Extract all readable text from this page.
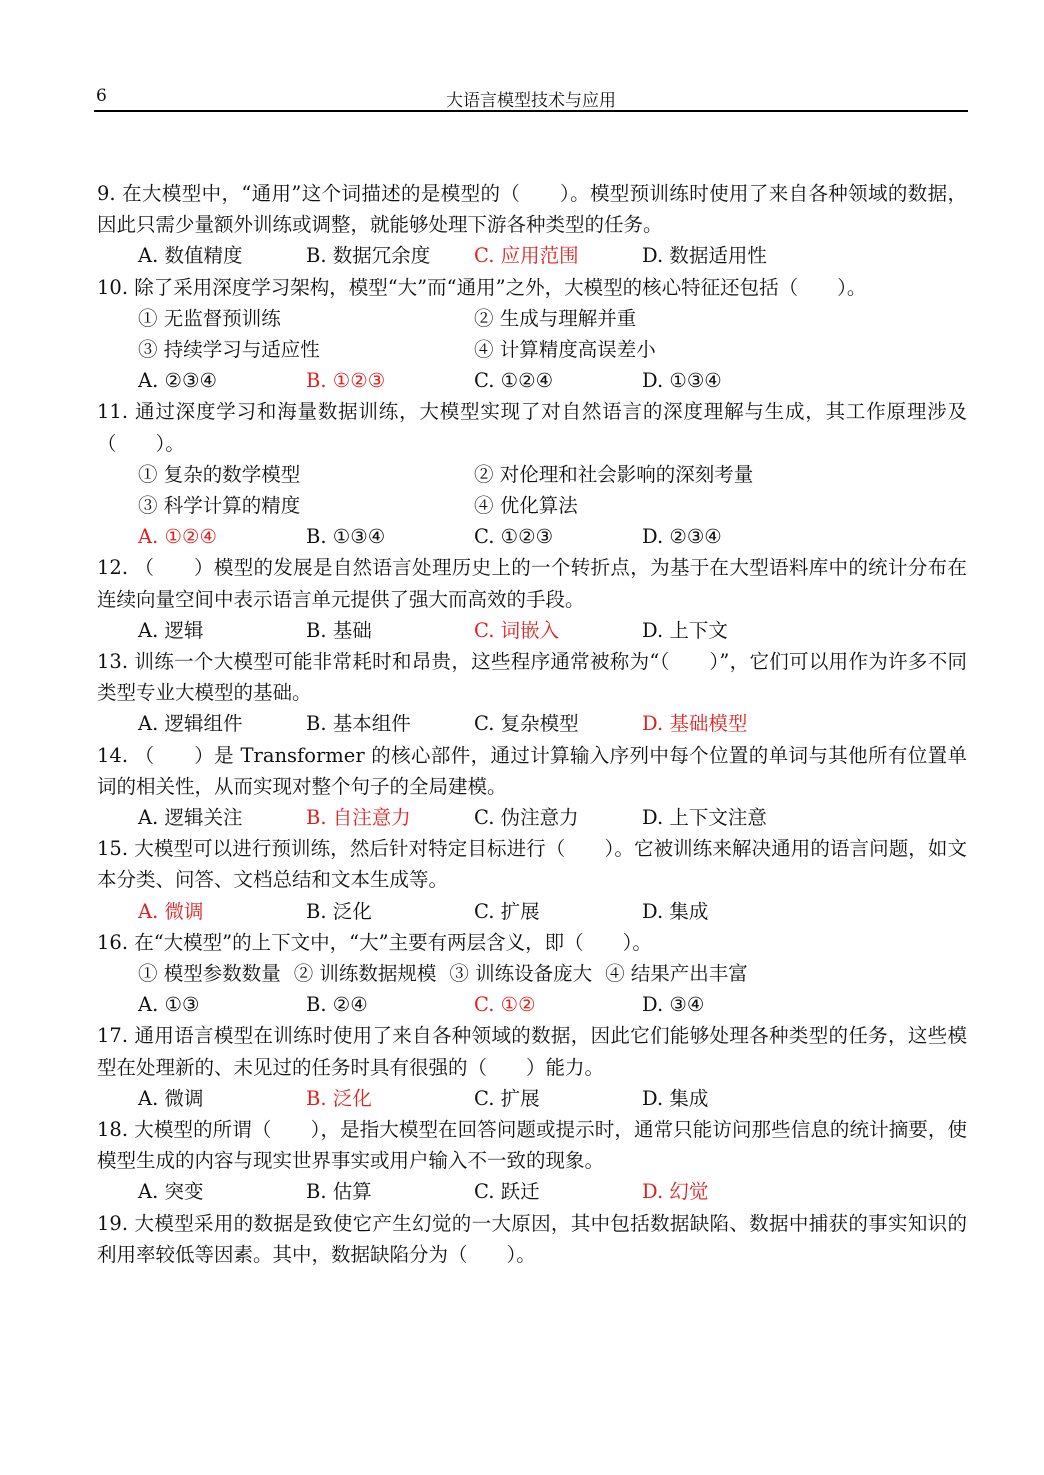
6	大语言模型技术与应用
9. 在大模型中，“通用”这个词描述的是模型的（　　）。模型预训练时使用了来自各种领域的数据，因此只需少量额外训练或调整，就能够处理下游各种类型的任务。
A. 数值精度	B. 数据冗余度	C. 应用范围	D. 数据适用性
10. 除了采用深度学习架构，模型“大”而“通用”之外，大模型的核心特征还包括（　　）。
① 无监督预训练	② 生成与理解并重
③ 持续学习与适应性	④ 计算精度高误差小
A. ②③④	B. ①②③	C. ①②④	D. ①③④
11. 通过深度学习和海量数据训练，大模型实现了对自然语言的深度理解与生成，其工作原理涉及（　　）。
① 复杂的数学模型	② 对伦理和社会影响的深刻考量
③ 科学计算的精度	④ 优化算法
A. ①②④	B. ①③④	C. ①②③	D. ②③④
12. （　　）模型的发展是自然语言处理历史上的一个转折点，为基于在大型语料库中的统计分布在连续向量空间中表示语言单元提供了强大而高效的手段。
A. 逻辑	B. 基础	C. 词嵌入	D. 上下文
13. 训练一个大模型可能非常耗时和昂贵，这些程序通常被称为“（　　）”，它们可以用作为许多不同类型专业大模型的基础。
A. 逻辑组件	B. 基本组件	C. 复杂模型	D. 基础模型
14. （　　）是 Transformer 的核心部件，通过计算输入序列中每个位置的单词与其他所有位置单词的相关性，从而实现对整个句子的全局建模。
A. 逻辑关注	B. 自注意力	C. 伪注意力	D. 上下文注意
15. 大模型可以进行预训练，然后针对特定目标进行（　　）。它被训练来解决通用的语言问题，如文本分类、问答、文档总结和文本生成等。
A. 微调	B. 泛化	C. 扩展	D. 集成
16. 在“大模型”的上下文中，“大”主要有两层含义，即（　　）。
① 模型参数数量 ② 训练数据规模 ③ 训练设备庞大 ④ 结果产出丰富
A. ①③	B. ②④	C. ①②	D. ③④
17. 通用语言模型在训练时使用了来自各种领域的数据，因此它们能够处理各种类型的任务，这些模型在处理新的、未见过的任务时具有很强的（　　）能力。
A. 微调	B. 泛化	C. 扩展	D. 集成
18. 大模型的所谓（　　），是指大模型在回答问题或提示时，通常只能访问那些信息的统计摘要，使模型生成的内容与现实世界事实或用户输入不一致的现象。
A. 突变	B. 估算	C. 跃迁	D. 幻觉
19. 大模型采用的数据是致使它产生幻觉的一大原因，其中包括数据缺陷、数据中捕获的事实知识的利用率较低等因素。其中，数据缺陷分为（　　）。
